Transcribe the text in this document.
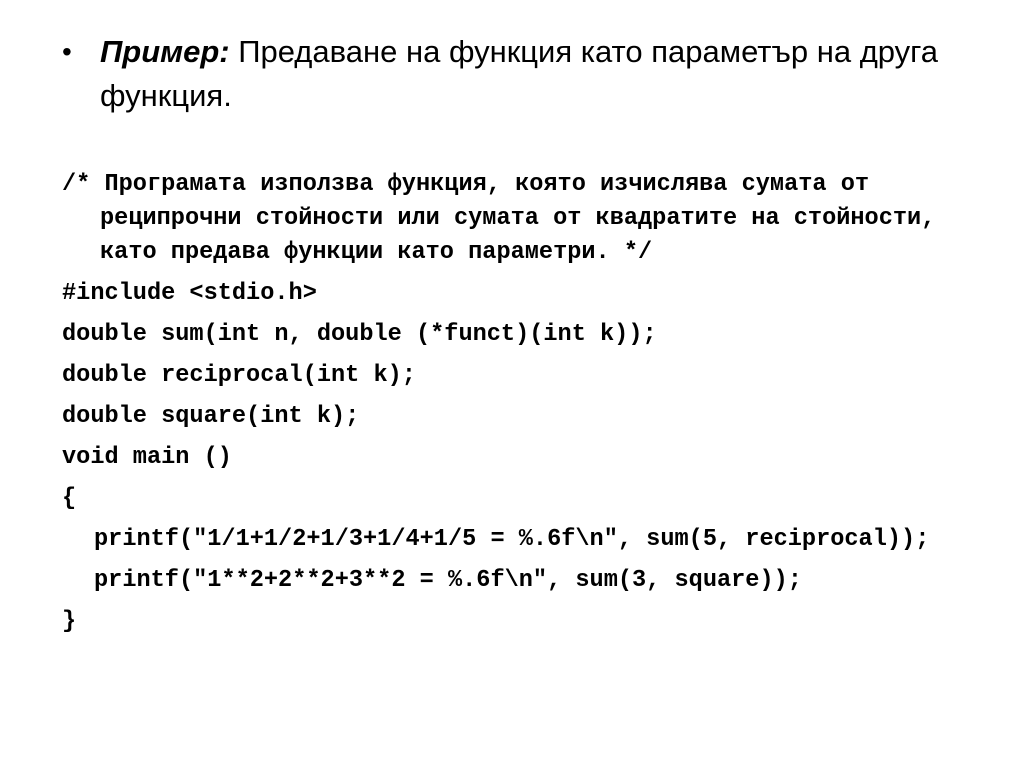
• Пример: Предаване на функция като параметър на друга функция.
/* Програмата използва функция, която изчислява сумата от реципрочни стойности или сумата от квадратите на стойности, като предава функции като параметри. */
#include <stdio.h>
double sum(int n, double (*funct)(int k));
double reciprocal(int k);
double square(int k);
void main ()
{
printf("1/1+1/2+1/3+1/4+1/5 = %.6f\n", sum(5, reciprocal));
printf("1**2+2**2+3**2 = %.6f\n", sum(3, square));
}
